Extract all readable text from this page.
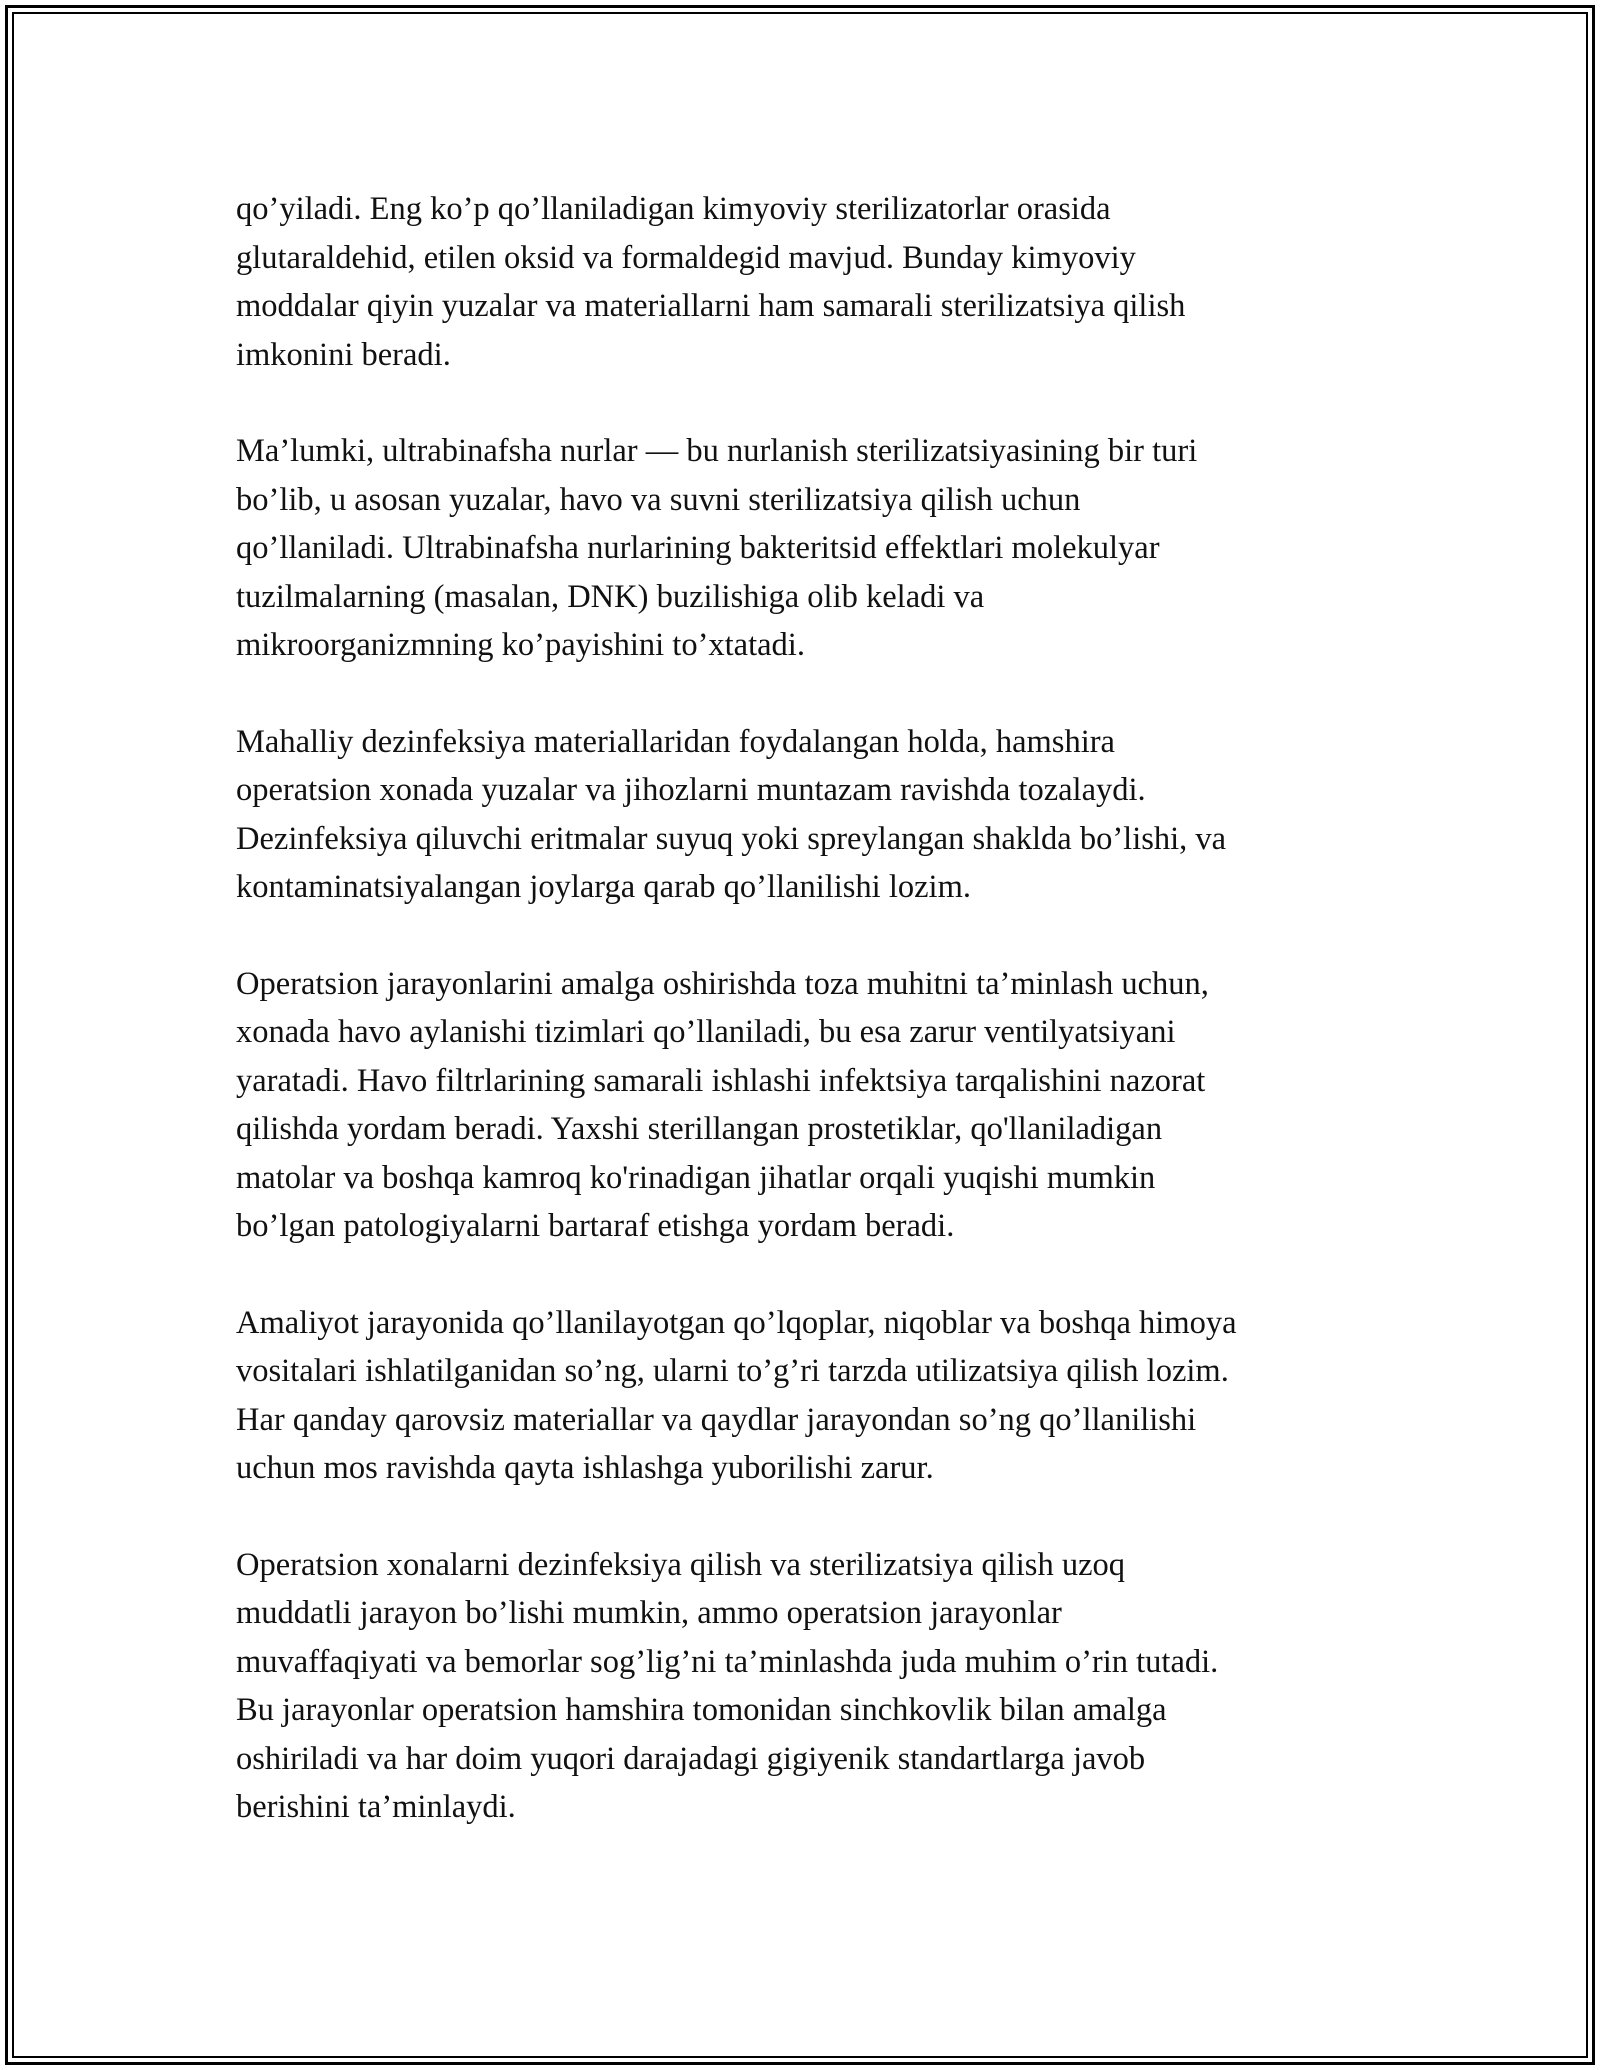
qo’yiladi. Eng ko’p qo’llaniladigan kimyoviy sterilizatorlar orasida
glutaraldehid, etilen oksid va formaldegid mavjud. Bunday kimyoviy
moddalar qiyin yuzalar va materiallarni ham samarali sterilizatsiya qilish
imkonini beradi.

Ma’lumki, ultrabinafsha nurlar — bu nurlanish sterilizatsiyasining bir turi
bo’lib, u asosan yuzalar, havo va suvni sterilizatsiya qilish uchun
qo’llaniladi. Ultrabinafsha nurlarining bakteritsid effektlari molekulyar
tuzilmalarning (masalan, DNK) buzilishiga olib keladi va
mikroorganizmning ko’payishini to’xtatadi.

Mahalliy dezinfeksiya materiallaridan foydalangan holda, hamshira
operatsion xonada yuzalar va jihozlarni muntazam ravishda tozalaydi.
Dezinfeksiya qiluvchi eritmalar suyuq yoki spreylangan shaklda bo’lishi, va
kontaminatsiyalangan joylarga qarab qo’llanilishi lozim.

Operatsion jarayonlarini amalga oshirishda toza muhitni ta’minlash uchun,
xonada havo aylanishi tizimlari qo’llaniladi, bu esa zarur ventilyatsiyani
yaratadi. Havo filtrlarining samarali ishlashi infektsiya tarqalishini nazorat
qilishda yordam beradi. Yaxshi sterillangan prostetiklar, qo'llaniladigan
matolar va boshqa kamroq ko'rinadigan jihatlar orqali yuqishi mumkin
bo’lgan patologiyalarni bartaraf etishga yordam beradi.

Amaliyot jarayonida qo’llanilayotgan qo’lqoplar, niqoblar va boshqa himoya
vositalari ishlatilganidan so’ng, ularni to’g’ri tarzda utilizatsiya qilish lozim.
Har qanday qarovsiz materiallar va qaydlar jarayondan so’ng qo’llanilishi
uchun mos ravishda qayta ishlashga yuborilishi zarur.

Operatsion xonalarni dezinfeksiya qilish va sterilizatsiya qilish uzoq
muddatli jarayon bo’lishi mumkin, ammo operatsion jarayonlar
muvaffaqiyati va bemorlar sog’lig’ni ta’minlashda juda muhim o’rin tutadi.
Bu jarayonlar operatsion hamshira tomonidan sinchkovlik bilan amalga
oshiriladi va har doim yuqori darajadagi gigiyenik standartlarga javob
berishini ta’minlaydi.
